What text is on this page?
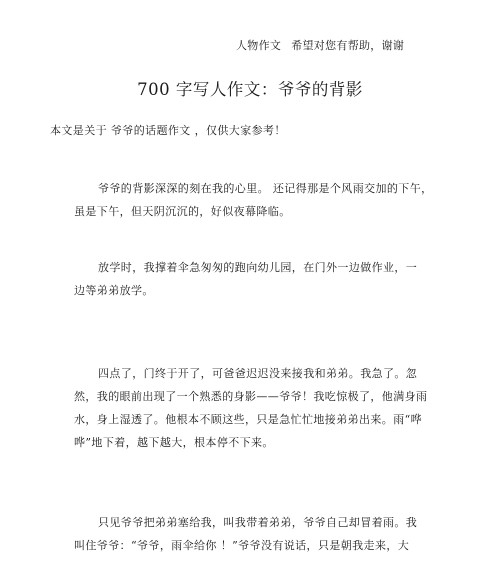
人物作文 希望对您有帮助，谢谢
700 字写人作文：爷爷的背影
本文是关于 爷爷的话题作文 ，仅供大家参考！
爷爷的背影深深的刻在我的心里。 还记得那是个风雨交加的下午，
虽是下午，但天阴沉沉的，好似夜幕降临。
放学时，我撑着伞急匆匆的跑向幼儿园，在门外一边做作业，一
边等弟弟放学。
四点了，门终于开了，可爸爸迟迟没来接我和弟弟。我急了。忽
然，我的眼前出现了一个熟悉的身影——爷爷！我吃惊极了，他满身雨
水，身上湿透了。他根本不顾这些，只是急忙忙地接弟弟出来。雨“哗
哗”地下着，越下越大，根本停不下来。
只见爷爷把弟弟塞给我，叫我带着弟弟，爷爷自己却冒着雨。我
叫住爷爷：“爷爷，雨伞给你 ！”爷爷没有说话，只是朝我走来，大
